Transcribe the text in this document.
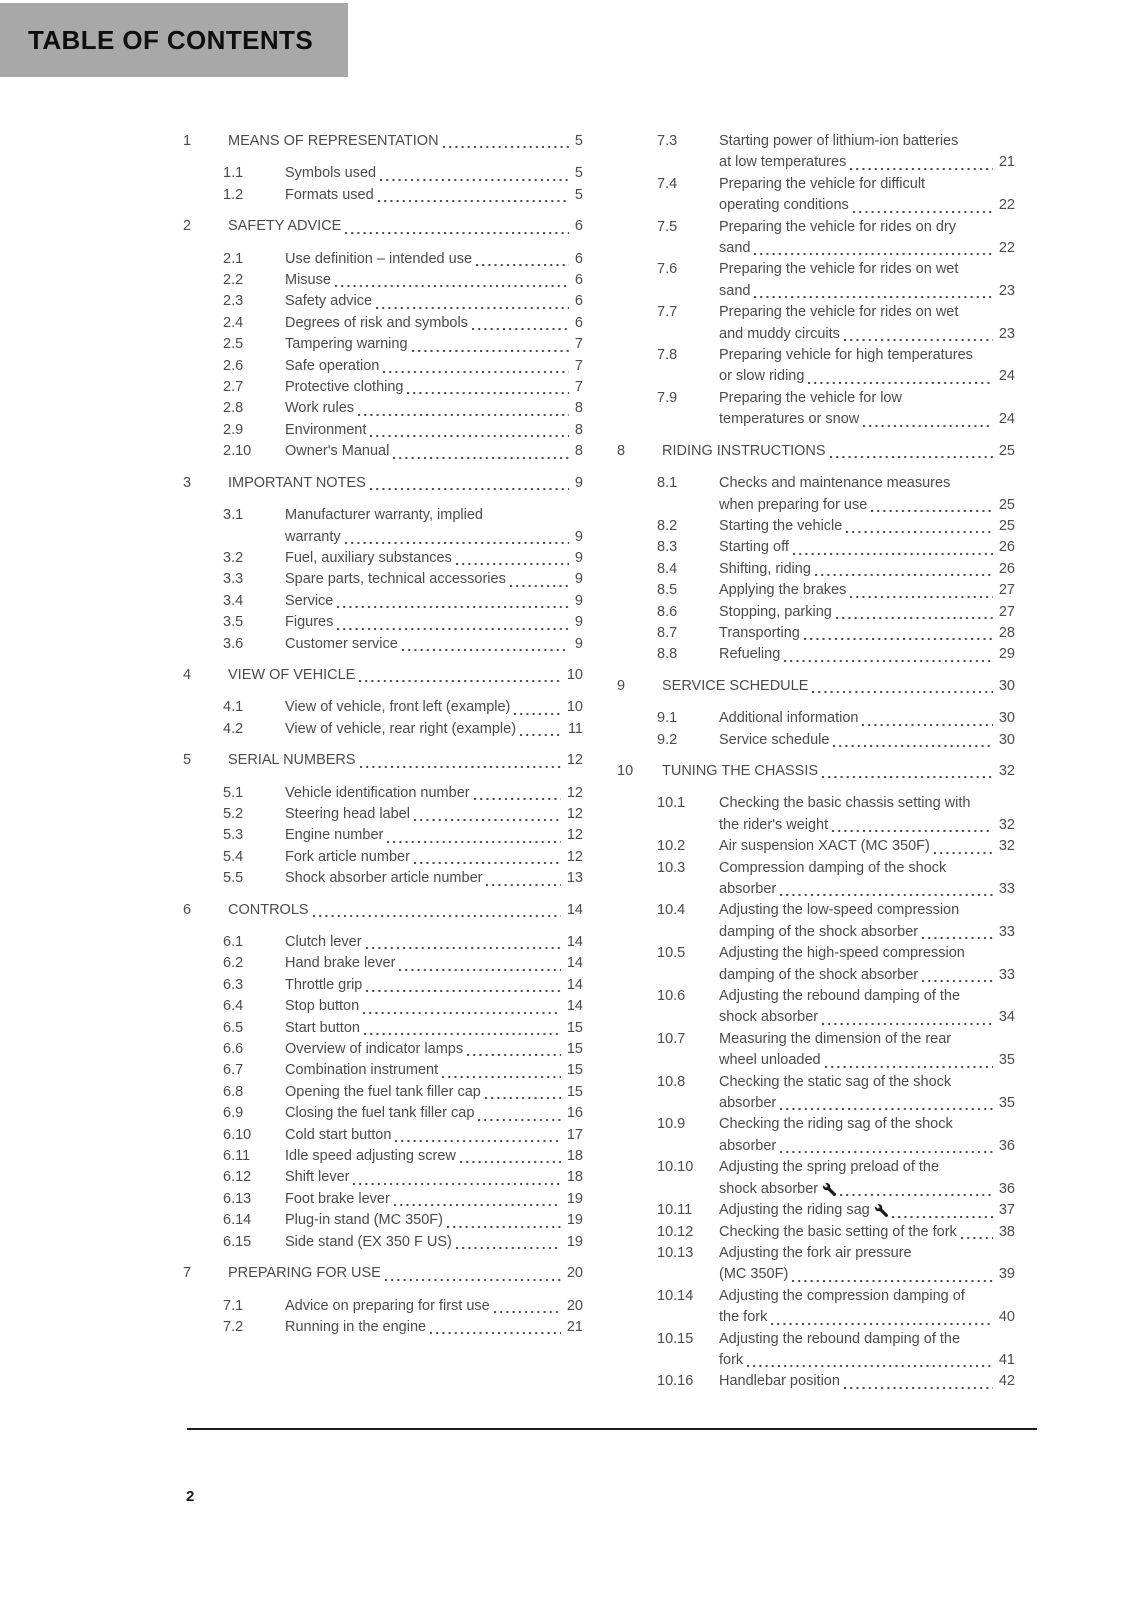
TABLE OF CONTENTS
1	MEANS OF REPRESENTATION	5
1.1	Symbols used	5
1.2	Formats used	5
2	SAFETY ADVICE	6
2.1	Use definition – intended use	6
2.2	Misuse	6
2.3	Safety advice	6
2.4	Degrees of risk and symbols	6
2.5	Tampering warning	7
2.6	Safe operation	7
2.7	Protective clothing	7
2.8	Work rules	8
2.9	Environment	8
2.10	Owner's Manual	8
3	IMPORTANT NOTES	9
3.1	Manufacturer warranty, implied
warranty	9
3.2	Fuel, auxiliary substances	9
3.3	Spare parts, technical accessories	9
3.4	Service	9
3.5	Figures	9
3.6	Customer service	9
4	VIEW OF VEHICLE	10
4.1	View of vehicle, front left (example)	10
4.2	View of vehicle, rear right (example)	11
5	SERIAL NUMBERS	12
5.1	Vehicle identification number	12
5.2	Steering head label	12
5.3	Engine number	12
5.4	Fork article number	12
5.5	Shock absorber article number	13
6	CONTROLS	14
6.1	Clutch lever	14
6.2	Hand brake lever	14
6.3	Throttle grip	14
6.4	Stop button	14
6.5	Start button	15
6.6	Overview of indicator lamps	15
6.7	Combination instrument	15
6.8	Opening the fuel tank filler cap	15
6.9	Closing the fuel tank filler cap	16
6.10	Cold start button	17
6.11	Idle speed adjusting screw	18
6.12	Shift lever	18
6.13	Foot brake lever	19
6.14	Plug-in stand (MC 350F)	19
6.15	Side stand (EX 350 F US)	19
7	PREPARING FOR USE	20
7.1	Advice on preparing for first use	20
7.2	Running in the engine	21
7.3	Starting power of lithium-ion batteries
at low temperatures	21
7.4	Preparing the vehicle for difficult
operating conditions	22
7.5	Preparing the vehicle for rides on dry
sand	22
7.6	Preparing the vehicle for rides on wet
sand	23
7.7	Preparing the vehicle for rides on wet
and muddy circuits	23
7.8	Preparing vehicle for high temperatures
or slow riding	24
7.9	Preparing the vehicle for low
temperatures or snow	24
8	RIDING INSTRUCTIONS	25
8.1	Checks and maintenance measures
when preparing for use	25
8.2	Starting the vehicle	25
8.3	Starting off	26
8.4	Shifting, riding	26
8.5	Applying the brakes	27
8.6	Stopping, parking	27
8.7	Transporting	28
8.8	Refueling	29
9	SERVICE SCHEDULE	30
9.1	Additional information	30
9.2	Service schedule	30
10	TUNING THE CHASSIS	32
10.1	Checking the basic chassis setting with
the rider's weight	32
10.2	Air suspension XACT (MC 350F)	32
10.3	Compression damping of the shock
absorber	33
10.4	Adjusting the low-speed compression
damping of the shock absorber	33
10.5	Adjusting the high-speed compression
damping of the shock absorber	33
10.6	Adjusting the rebound damping of the
shock absorber	34
10.7	Measuring the dimension of the rear
wheel unloaded	35
10.8	Checking the static sag of the shock
absorber	35
10.9	Checking the riding sag of the shock
absorber	36
10.10	Adjusting the spring preload of the
shock absorber	36
10.11	Adjusting the riding sag	37
10.12	Checking the basic setting of the fork	38
10.13	Adjusting the fork air pressure
(MC 350F)	39
10.14	Adjusting the compression damping of
the fork	40
10.15	Adjusting the rebound damping of the
fork	41
10.16	Handlebar position	42
2
